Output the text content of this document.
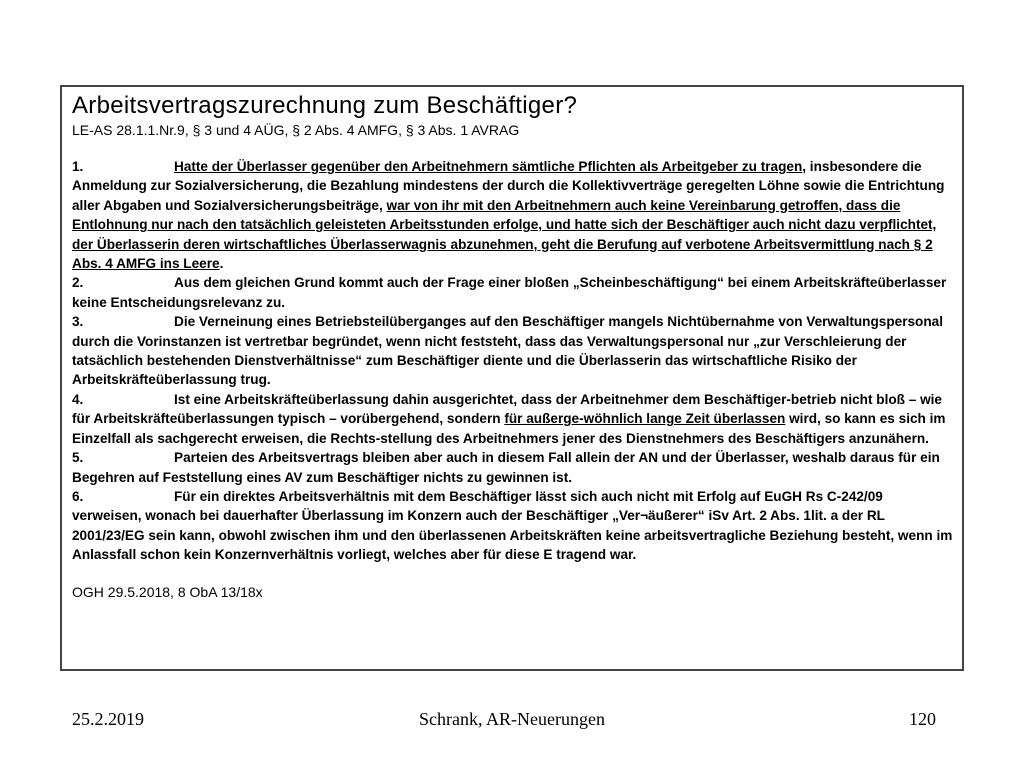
Arbeitsvertragszurechnung zum Beschäftiger?

LE-AS 28.1.1.Nr.9, § 3 und 4 AÜG, § 2 Abs. 4 AMFG, § 3 Abs. 1 AVRAG

1.	Hatte der Überlasser gegenüber den Arbeitnehmern sämtliche Pflichten als Arbeitgeber zu tragen, insbesondere die Anmeldung zur Sozialversicherung, die Bezahlung mindestens der durch die Kollektivverträge geregelten Löhne sowie die Entrichtung aller Abgaben und Sozialversicherungsbeiträge, war von ihr mit den Arbeitnehmern auch keine Vereinbarung getroffen, dass die Entlohnung nur nach den tatsächlich geleisteten Arbeitsstunden erfolge, und hatte sich der Beschäftiger auch nicht dazu verpflichtet, der Überlasserin deren wirtschaftliches Überlasserwagnis abzunehmen, geht die Berufung auf verbotene Arbeitsvermittlung nach § 2 Abs. 4 AMFG ins Leere.

2.	Aus dem gleichen Grund kommt auch der Frage einer bloßen „Scheinbeschäftigung“ bei einem Arbeitskräfteüberlasser keine Entscheidungsrelevanz zu.

3.	Die Verneinung eines Betriebsteilüberganges auf den Beschäftiger mangels Nichtübernahme von Verwaltungspersonal durch die Vorinstanzen ist vertretbar begründet, wenn nicht feststeht, dass das Verwaltungspersonal nur „zur Verschleierung der tatsächlich bestehenden Dienstverhältnisse“ zum Beschäftiger diente und die Überlasserin das wirtschaftliche Risiko der Arbeitskräfteüberlassung trug.

4.	Ist eine Arbeitskräfteüberlassung dahin ausgerichtet, dass der Arbeitnehmer dem Beschäftiger-betrieb nicht bloß – wie für Arbeitskräfteüberlassungen typisch – vorübergehend, sondern für außerge-wöhnlich lange Zeit überlassen wird, so kann es sich im Einzelfall als sachgerecht erweisen, die Rechts-stellung des Arbeitnehmers jener des Dienstnehmers des Beschäftigers anzunähern.

5.	Parteien des Arbeitsvertrags bleiben aber auch in diesem Fall allein der AN und der Überlasser, weshalb daraus für ein Begehren auf Feststellung eines AV zum Beschäftiger nichts zu gewinnen ist.

6.	Für ein direktes Arbeitsverhältnis mit dem Beschäftiger lässt sich auch nicht mit Erfolg auf EuGH Rs C-242/09 verweisen, wonach bei dauerhafter Überlassung im Konzern auch der Beschäftiger „Ver¬äußerer“ iSv Art. 2 Abs. 1lit. a der RL 2001/23/EG sein kann, obwohl zwischen ihm und den überlassenen Arbeitskräften keine arbeitsvertragliche Beziehung besteht, wenn im Anlassfall schon kein Konzernverhältnis vorliegt, welches aber für diese E tragend war.

OGH 29.5.2018, 8 ObA 13/18x

25.2.2019	Schrank, AR-Neuerungen	120
